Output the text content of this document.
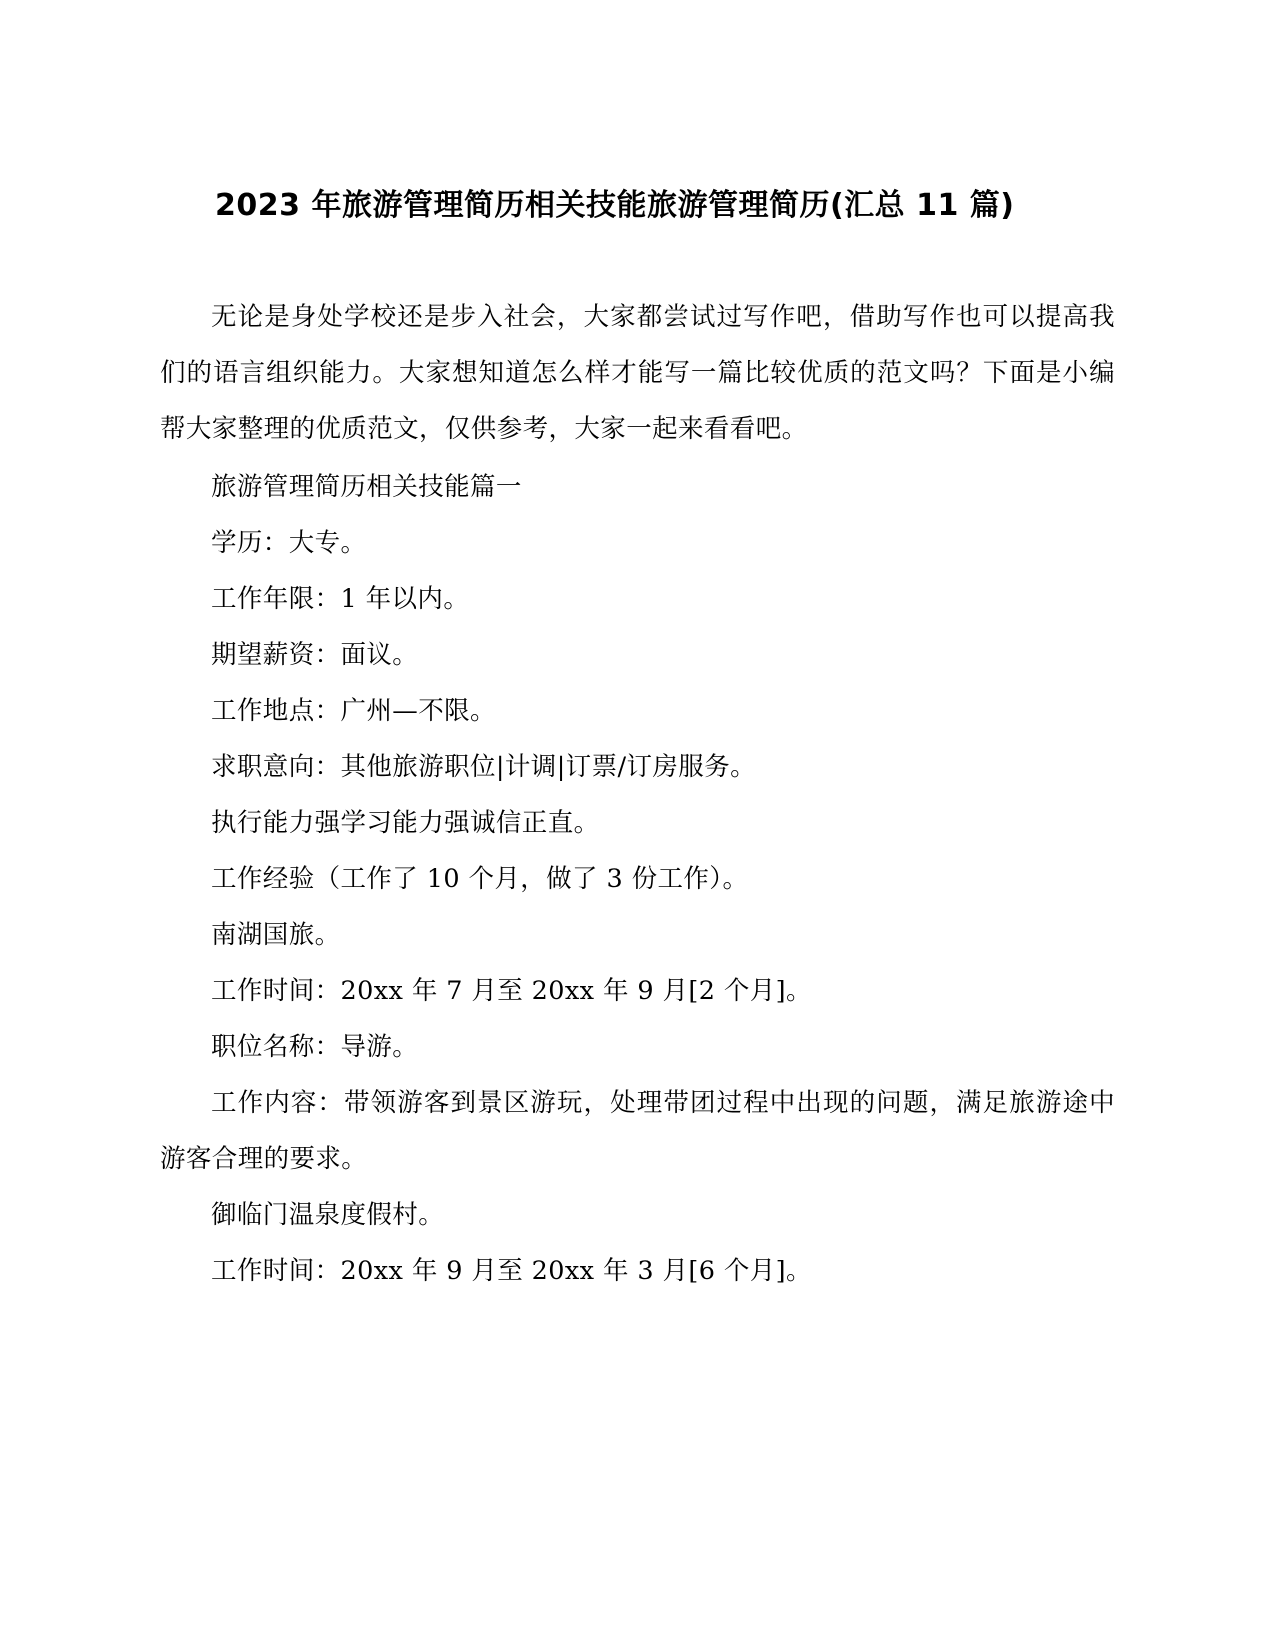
2023 年旅游管理简历相关技能旅游管理简历(汇总 11 篇)

无论是身处学校还是步入社会，大家都尝试过写作吧，借助写作也可以提高我们的语言组织能力。大家想知道怎么样才能写一篇比较优质的范文吗？下面是小编帮大家整理的优质范文，仅供参考，大家一起来看看吧。

旅游管理简历相关技能篇一

学历：大专。

工作年限：1 年以内。

期望薪资：面议。

工作地点：广州—不限。

求职意向：其他旅游职位|计调|订票/订房服务。

执行能力强学习能力强诚信正直。

工作经验（工作了 10 个月，做了 3 份工作）。

南湖国旅。

工作时间：20xx 年 7 月至 20xx 年 9 月[2 个月]。

职位名称：导游。

工作内容：带领游客到景区游玩，处理带团过程中出现的问题，满足旅游途中游客合理的要求。

御临门温泉度假村。

工作时间：20xx 年 9 月至 20xx 年 3 月[6 个月]。
